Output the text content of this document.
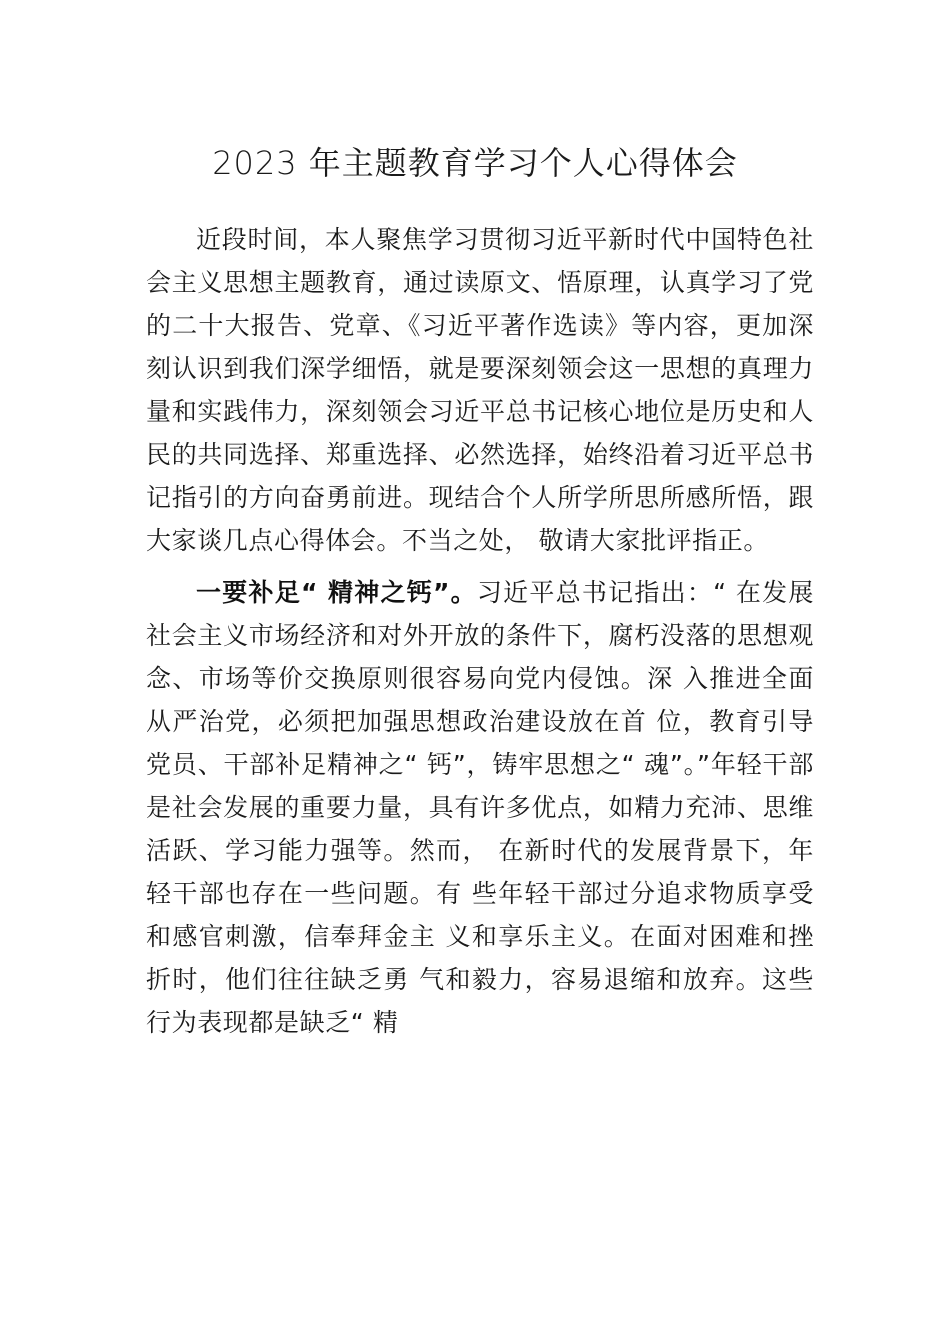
2023 年主题教育学习个人心得体会

近段时间，本人聚焦学习贯彻习近平新时代中国特色社会主义思想主题教育，通过读原文、悟原理，认真学习了党的二十大报告、党章、《习近平著作选读》等内容，更加深刻认识到我们深学细悟，就是要深刻领会这一思想的真理力量和实践伟力，深刻领会习近平总书记核心地位是历史和人民的共同选择、郑重选择、必然选择，始终沿着习近平总书记指引的方向奋勇前进。现结合个人所学所思所感所悟，跟大家谈几点心得体会。不当之处， 敬请大家批评指正。

一要补足“ 精神之钙”。习近平总书记指出：“ 在发展社会主义市场经济和对外开放的条件下，腐朽没落的思想观念、市场等价交换原则很容易向党内侵蚀。深 入推进全面从严治党，必须把加强思想政治建设放在首 位，教育引导党员、干部补足精神之“ 钙”，铸牢思想之“ 魂”。”年轻干部是社会发展的重要力量，具有许多优点，如精力充沛、思维活跃、学习能力强等。然而， 在新时代的发展背景下，年轻干部也存在一些问题。有 些年轻干部过分追求物质享受和感官刺激，信奉拜金主 义和享乐主义。在面对困难和挫折时，他们往往缺乏勇 气和毅力，容易退缩和放弃。这些行为表现都是缺乏“ 精
